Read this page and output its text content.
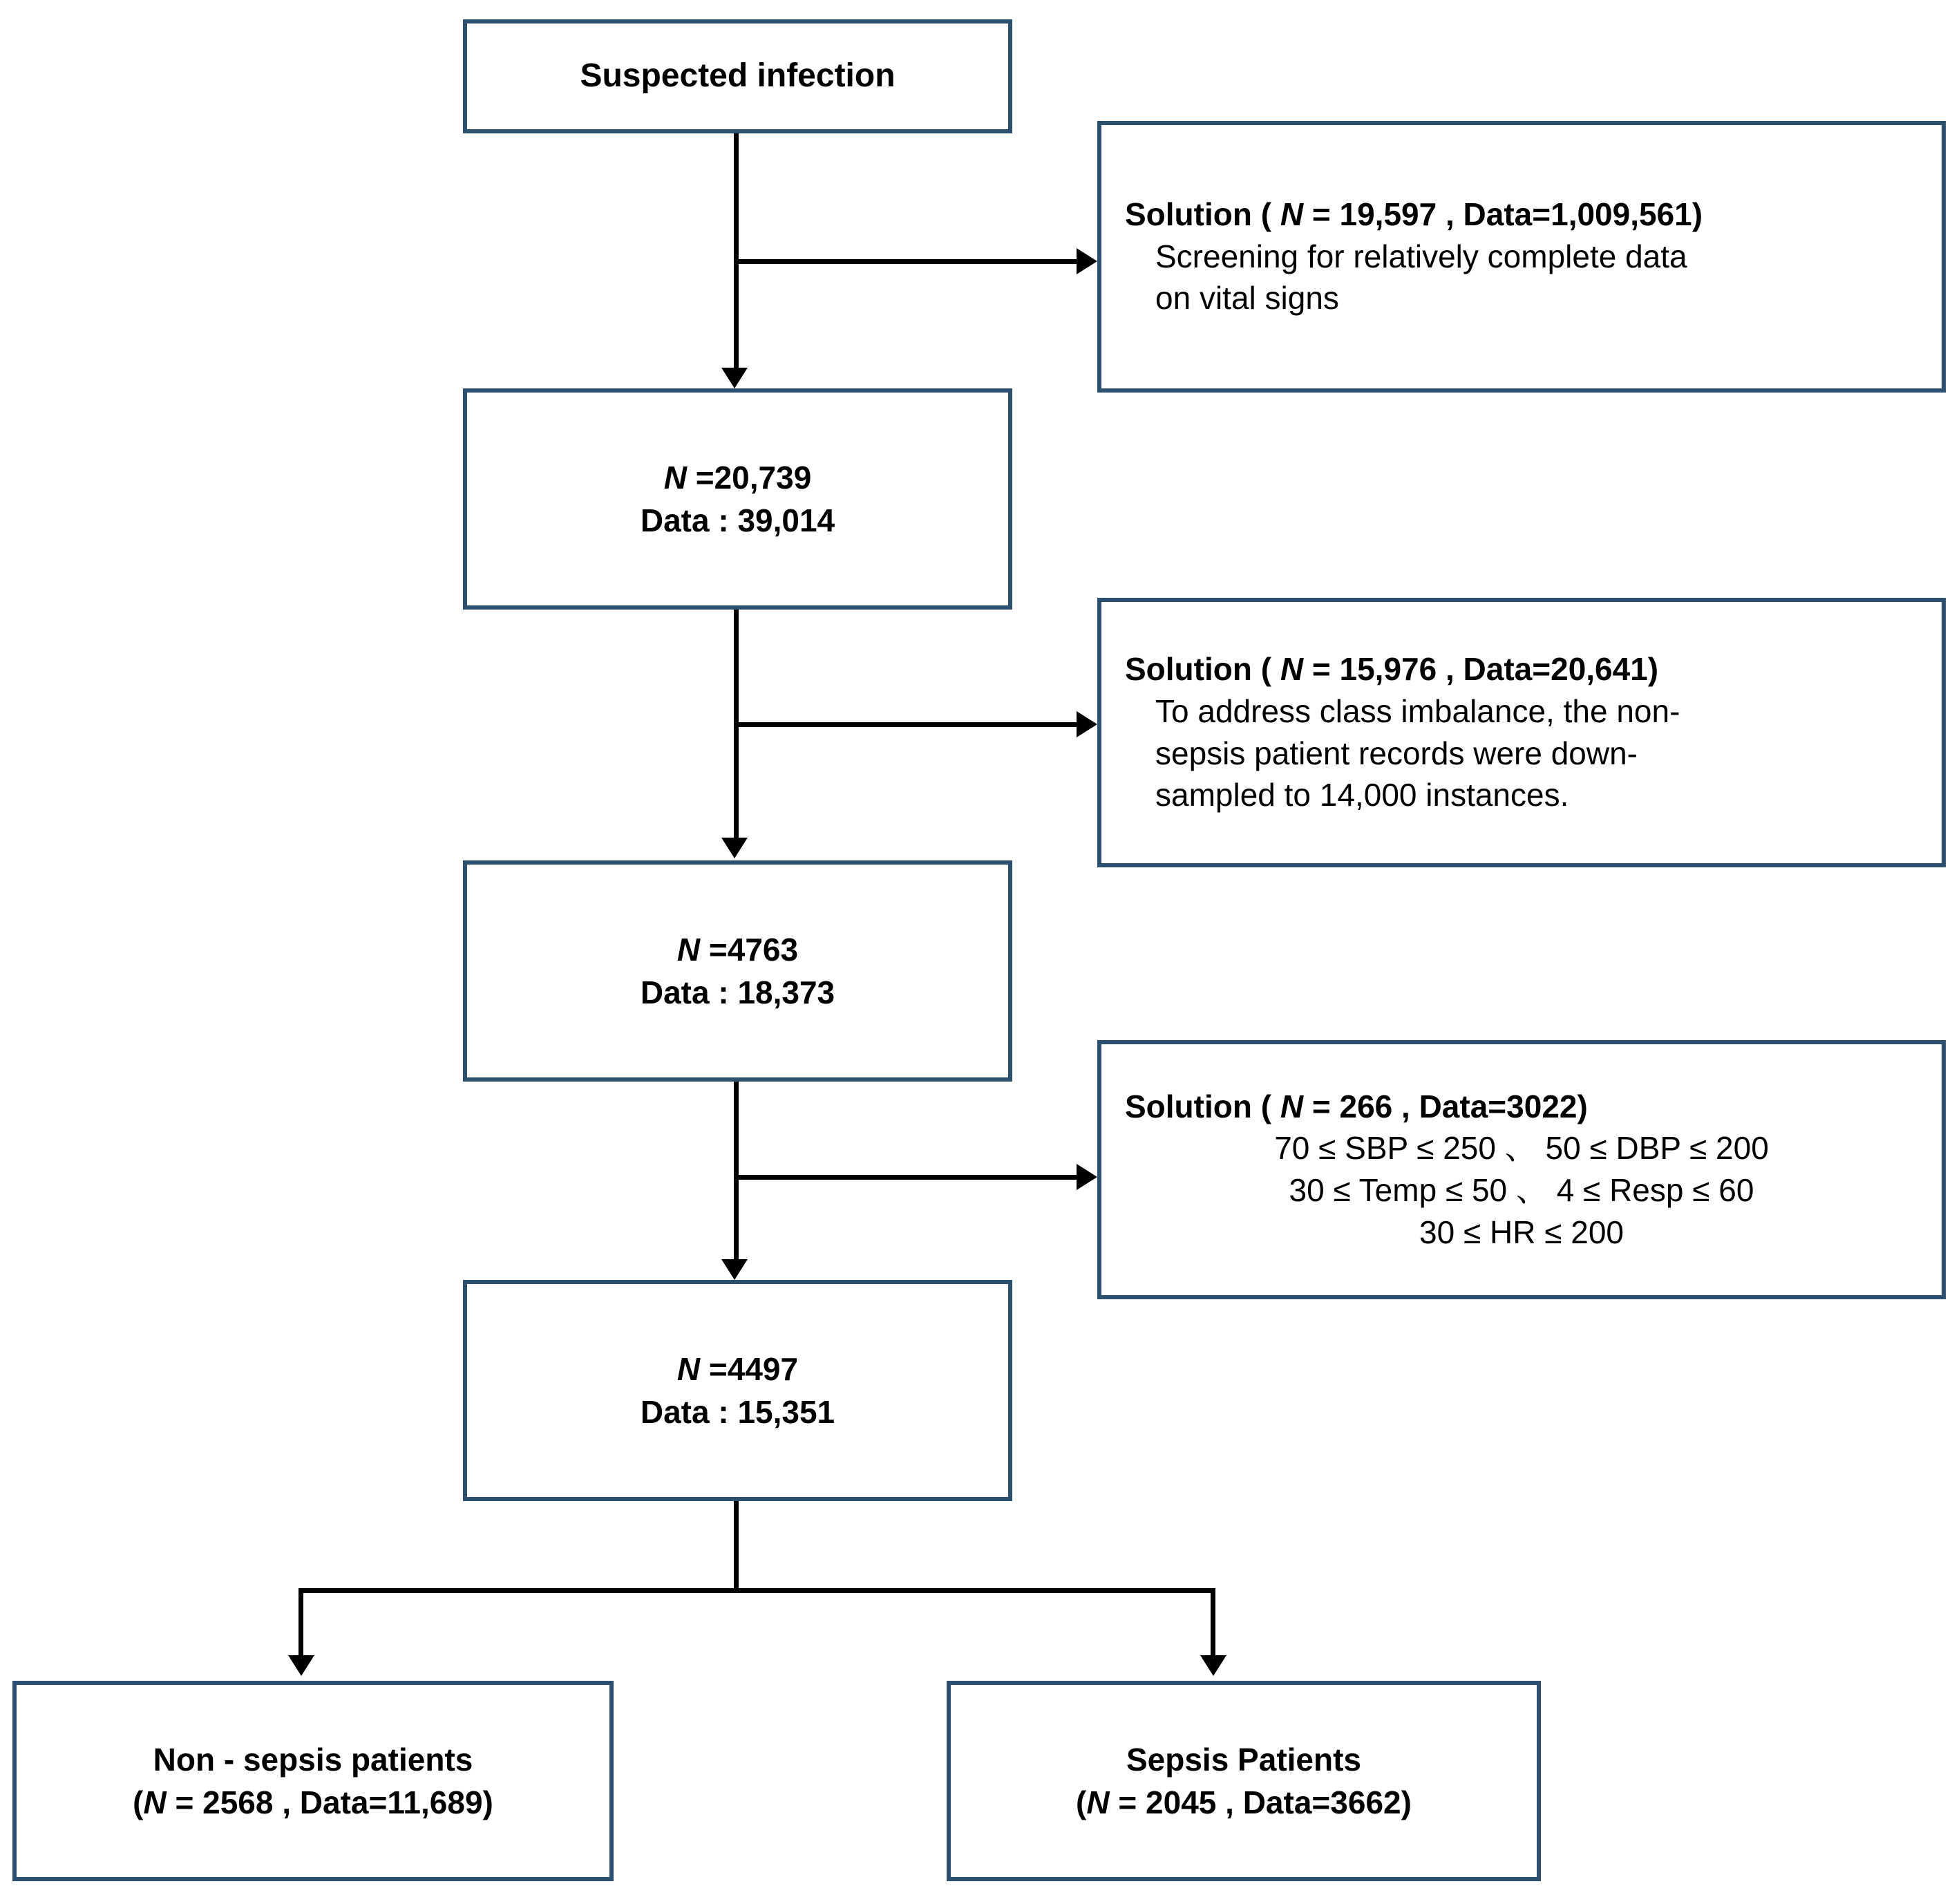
Suspected infection
Solution ( N = 19,597 , Data=1,009,561)
Screening for relatively complete data
on vital signs
N =20,739
Data : 39,014
Solution ( N = 15,976 , Data=20,641)
To address class imbalance, the non-
sepsis patient records were down-
sampled to 14,000 instances.
N =4763
Data : 18,373
Solution ( N = 266 , Data=3022)
70 ≤ SBP ≤ 250 、 50 ≤ DBP ≤ 200
30 ≤ Temp ≤ 50 、 4 ≤ Resp ≤ 60
30 ≤ HR ≤ 200
N =4497
Data : 15,351
Non - sepsis patients
(N = 2568 , Data=11,689)
Sepsis Patients
(N = 2045 , Data=3662)
